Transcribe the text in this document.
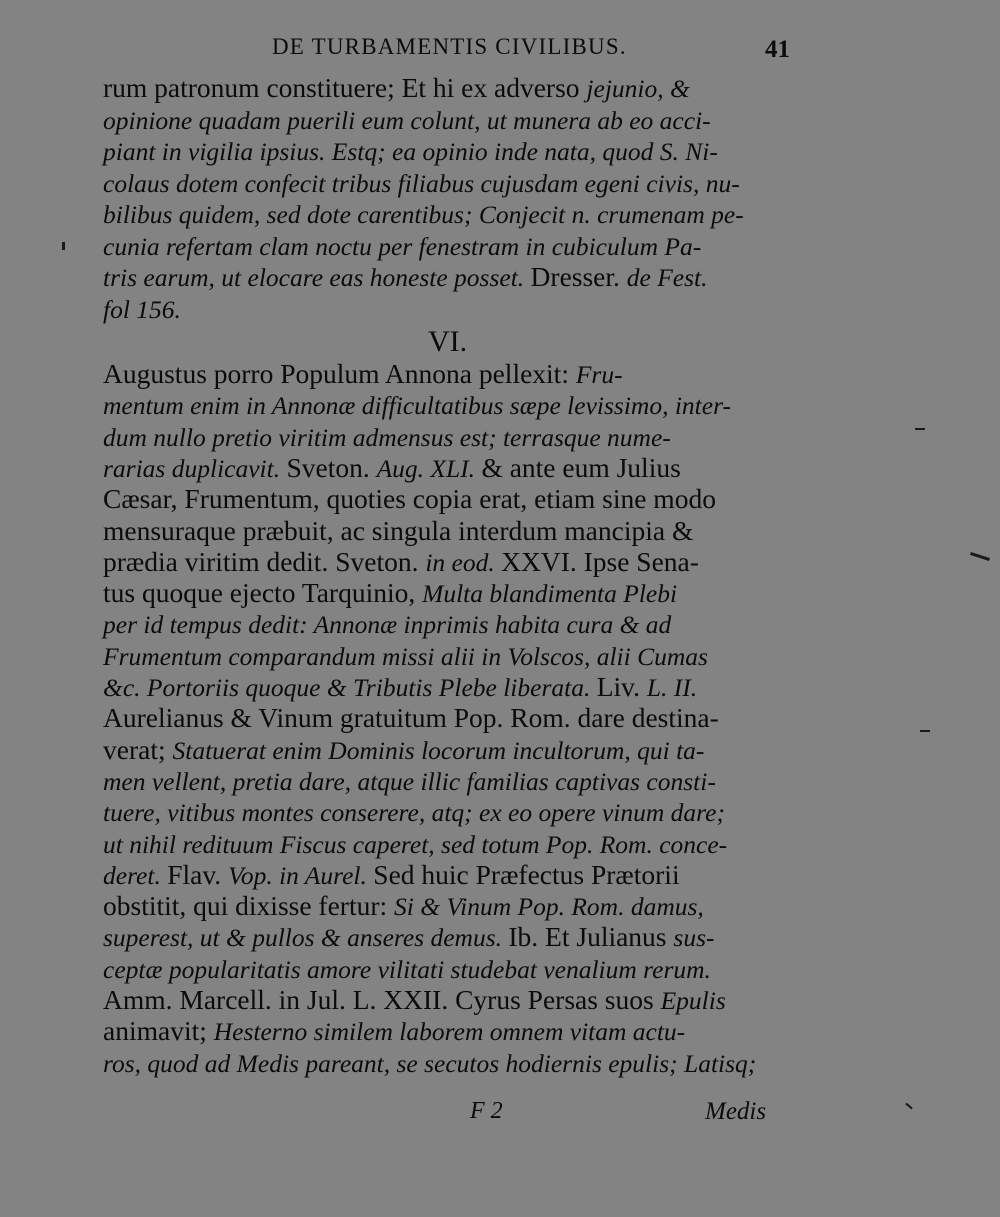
DE TURBAMENTIS CIVILIBUS.	41
rum patronum constituere; Et hi ex adverso jejunio, &
opinione quadam puerili eum colunt, ut munera ab eo acci-
piant in vigilia ipsius. Estq; ea opinio inde nata, quod S. Ni-
colaus dotem confecit tribus filiabus cujusdam egeni civis, nu-
bilibus quidem, sed dote carentibus; Conjecit n. crumenam pe-
cunia refertam clam noctu per fenestram in cubiculum Pa-
tris earum, ut elocare eas honeste posset. Dresser. de Fest.
fol 156.
VI.
Augustus porro Populum Annona pellexit: Fru-
mentum enim in Annonæ difficultatibus sæpe levissimo, inter-
dum nullo pretio viritim admensus est; terrasque nume-
rarias duplicavit. Sveton. Aug. XLI. & ante eum Julius
Cæsar, Frumentum, quoties copia erat, etiam sine modo
mensuraque præbuit, ac singula interdum mancipia &
prædia viritim dedit. Sveton. in eod. XXVI. Ipse Sena-
tus quoque ejecto Tarquinio, Multa blandimenta Plebi
per id tempus dedit: Annonæ inprimis habita cura & ad
Frumentum comparandum missi alii in Volscos, alii Cumas
&c. Portoriis quoque & Tributis Plebe liberata. Liv. L. II.
Aurelianus & Vinum gratuitum Pop. Rom. dare destina-
verat; Statuerat enim Dominis locorum incultorum, qui ta-
men vellent, pretia dare, atque illic familias captivas consti-
tuere, vitibus montes conserere, atq; ex eo opere vinum dare;
ut nihil redituum Fiscus caperet, sed totum Pop. Rom. conce-
deret. Flav. Vop. in Aurel. Sed huic Præfectus Prætorii
obstitit, qui dixisse fertur: Si & Vinum Pop. Rom. damus,
superest, ut & pullos & anseres demus. Ib. Et Julianus sus-
ceptæ popularitatis amore vilitati studebat venalium rerum.
Amm. Marcell. in Jul. L. XXII. Cyrus Persas suos Epulis
animavit; Hesterno similem laborem omnem vitam actu-
ros, quod ad Medis pareant, se secutos hodiernis epulis; Latisq;
F 2	Medis
